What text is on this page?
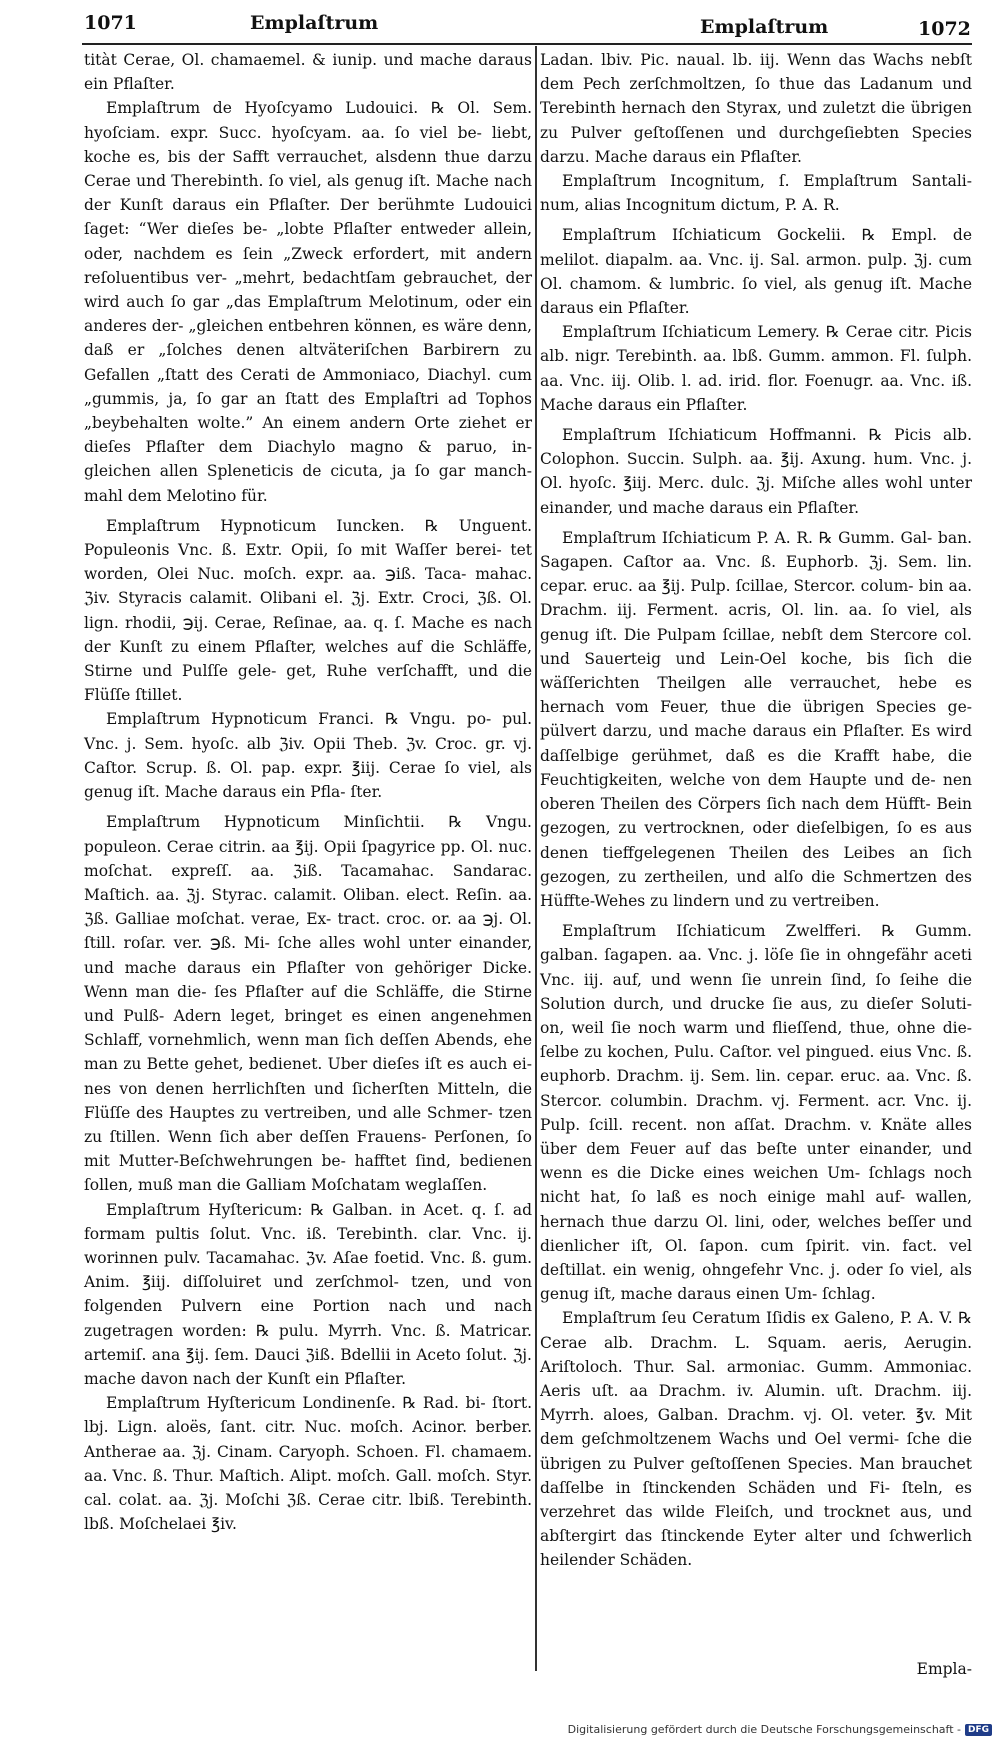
1071	Emplaſtrum	Emplaſtrum	1072

titàt Cerae, Ol. chamaemel. & iunip. und mache daraus ein Pflaſter.

Emplaſtrum de Hyoſcyamo Ludouici. ℞ Ol. Sem. hyoſciam. expr. Succ. hyoſcyam. aa. ſo viel be- liebt, koche es, bis der Safft verrauchet, alsdenn thue darzu Cerae und Therebinth. ſo viel, als genug iſt. Mache nach der Kunſt daraus ein Pflaſter. Der berühmte Ludouici ſaget: “Wer dieſes be- „lobte Pflaſter entweder allein, oder, nachdem es ſein „Zweck erfordert, mit andern reſoluentibus ver- „mehrt, bedachtſam gebrauchet, der wird auch ſo gar „das Emplaſtrum Melotinum, oder ein anderes der- „gleichen entbehren können, es wäre denn, daß er „ſolches denen altväteriſchen Barbirern zu Gefallen „ſtatt des Cerati de Ammoniaco, Diachyl. cum „gummis, ja, ſo gar an ſtatt des Emplaſtri ad Tophos „beybehalten wolte.” An einem andern Orte ziehet er dieſes Pflaſter dem Diachylo magno & paruo, in- gleichen allen Spleneticis de cicuta, ja ſo gar manch- mahl dem Melotino für.

Emplaſtrum Hypnoticum Iuncken. ℞ Unguent. Populeonis Vnc. ß. Extr. Opii, ſo mit Waſſer berei- tet worden, Olei Nuc. moſch. expr. aa. ℈iß. Taca- mahac. ℨiv. Styracis calamit. Olibani el. ℨj. Extr. Croci, ℨß. Ol. lign. rhodii, ℈ij. Cerae, Reſinae, aa. q. ſ. Mache es nach der Kunſt zu einem Pflaſter, welches auf die Schläffe, Stirne und Pulſſe gele- get, Ruhe verſchafft, und die Flüſſe ſtillet.

Emplaſtrum Hypnoticum Franci. ℞ Vngu. po- pul. Vnc. j. Sem. hyoſc. alb ℨiv. Opii Theb. ℨv. Croc. gr. vj. Caſtor. Scrup. ß. Ol. pap. expr. ℥iij. Cerae ſo viel, als genug iſt. Mache daraus ein Pfla- ſter.

Emplaſtrum Hypnoticum Minſichtii. ℞ Vngu. populeon. Cerae citrin. aa ℥ij. Opii ſpagyrice pp. Ol. nuc. moſchat. expreſſ. aa. ℨiß. Tacamahac. Sandarac. Maſtich. aa. ℨj. Styrac. calamit. Oliban. elect. Reſin. aa. ℨß. Galliae moſchat. verae, Ex- tract. croc. or. aa ℈j. Ol. ſtill. roſar. ver. ℈ß. Mi- ſche alles wohl unter einander, und mache daraus ein Pflaſter von gehöriger Dicke. Wenn man die- ſes Pflaſter auf die Schläffe, die Stirne und Pulß- Adern leget, bringet es einen angenehmen Schlaff, vornehmlich, wenn man ſich deſſen Abends, ehe man zu Bette gehet, bedienet. Uber dieſes iſt es auch ei- nes von denen herrlichſten und ſicherſten Mitteln, die Flüſſe des Hauptes zu vertreiben, und alle Schmer- tzen zu ſtillen. Wenn ſich aber deſſen Frauens- Perſonen, ſo mit Mutter-Beſchwehrungen be- hafftet ſind, bedienen ſollen, muß man die Galliam Moſchatam weglaſſen.

Emplaſtrum Hyſtericum: ℞ Galban. in Acet. q. ſ. ad formam pultis ſolut. Vnc. iß. Terebinth. clar. Vnc. ij. worinnen pulv. Tacamahac. ℨv. Aſae foetid. Vnc. ß. gum. Anim. ℥iij. diſſoluiret und zerſchmol- tzen, und von folgenden Pulvern eine Portion nach und nach zugetragen worden: ℞ pulu. Myrrh. Vnc. ß. Matricar. artemiſ. ana ℥ij. ſem. Dauci ℨiß. Bdellii in Aceto ſolut. ℨj. mache davon nach der Kunſt ein Pflaſter.

Emplaſtrum Hyſtericum Londinenſe. ℞ Rad. bi- ſtort. lbj. Lign. aloës, ſant. citr. Nuc. moſch. Acinor. berber. Antherae aa. ℨj. Cinam. Caryoph. Schoen. Fl. chamaem. aa. Vnc. ß. Thur. Maſtich. Alipt. moſch. Gall. moſch. Styr. cal. colat. aa. ℨj. Moſchi ℨß. Cerae citr. lbiß. Terebinth. lbß. Moſchelaei ℥iv.

Ladan. lbiv. Pic. naual. lb. iij. Wenn das Wachs nebſt dem Pech zerſchmoltzen, ſo thue das Ladanum und Terebinth hernach den Styrax, und zuletzt die übrigen zu Pulver geſtoſſenen und durchgeſiebten Species darzu. Mache daraus ein Pflaſter.

Emplaſtrum Incognitum, ſ. Emplaſtrum Santali- num, alias Incognitum dictum, P. A. R.

Emplaſtrum Iſchiaticum Gockelii. ℞ Empl. de melilot. diapalm. aa. Vnc. ij. Sal. armon. pulp. ℨj. cum Ol. chamom. & lumbric. ſo viel, als genug iſt. Mache daraus ein Pflaſter.

Emplaſtrum Iſchiaticum Lemery. ℞ Cerae citr. Picis alb. nigr. Terebinth. aa. lbß. Gumm. ammon. Fl. ſulph. aa. Vnc. iij. Olib. l. ad. irid. flor. Foenugr. aa. Vnc. iß. Mache daraus ein Pflaſter.

Emplaſtrum Iſchiaticum Hoffmanni. ℞ Picis alb. Colophon. Succin. Sulph. aa. ℥ij. Axung. hum. Vnc. j. Ol. hyoſc. ℥iij. Merc. dulc. ℨj. Miſche alles wohl unter einander, und mache daraus ein Pflaſter.

Emplaſtrum Iſchiaticum P. A. R. ℞ Gumm. Gal- ban. Sagapen. Caſtor aa. Vnc. ß. Euphorb. ℨj. Sem. lin. cepar. eruc. aa ℥ij. Pulp. ſcillae, Stercor. colum- bin aa. Drachm. iij. Ferment. acris, Ol. lin. aa. ſo viel, als genug iſt. Die Pulpam ſcillae, nebſt dem Stercore col. und Sauerteig und Lein-Oel koche, bis ſich die wäſſerichten Theilgen alle verrauchet, hebe es hernach vom Feuer, thue die übrigen Species ge- pülvert darzu, und mache daraus ein Pflaſter. Es wird daſſelbige gerühmet, daß es die Krafft habe, die Feuchtigkeiten, welche von dem Haupte und de- nen oberen Theilen des Cörpers ſich nach dem Hüfft- Bein gezogen, zu vertrocknen, oder dieſelbigen, ſo es aus denen tieffgelegenen Theilen des Leibes an ſich gezogen, zu zertheilen, und alſo die Schmertzen des Hüffte-Wehes zu lindern und zu vertreiben.

Emplaſtrum Iſchiaticum Zwelfferi. ℞ Gumm. galban. ſagapen. aa. Vnc. j. löſe ſie in ohngefähr aceti Vnc. iij. auf, und wenn ſie unrein ſind, ſo ſeihe die Solution durch, und drucke ſie aus, zu dieſer Soluti- on, weil ſie noch warm und flieſſend, thue, ohne die- ſelbe zu kochen, Pulu. Caſtor. vel pingued. eius Vnc. ß. euphorb. Drachm. ij. Sem. lin. cepar. eruc. aa. Vnc. ß. Stercor. columbin. Drachm. vj. Ferment. acr. Vnc. ij. Pulp. ſcill. recent. non aſſat. Drachm. v. Knäte alles über dem Feuer auf das beſte unter einander, und wenn es die Dicke eines weichen Um- ſchlags noch nicht hat, ſo laß es noch einige mahl auf- wallen, hernach thue darzu Ol. lini, oder, welches beſſer und dienlicher iſt, Ol. ſapon. cum ſpirit. vin. fact. vel deſtillat. ein wenig, ohngefehr Vnc. j. oder ſo viel, als genug iſt, mache daraus einen Um- ſchlag.

Emplaſtrum ſeu Ceratum Iſidis ex Galeno, P. A. V. ℞ Cerae alb. Drachm. L. Squam. aeris, Aerugin. Ariſtoloch. Thur. Sal. armoniac. Gumm. Ammoniac. Aeris uſt. aa Drachm. iv. Alumin. uſt. Drachm. iij. Myrrh. aloes, Galban. Drachm. vj. Ol. veter. ℥v. Mit dem geſchmoltzenem Wachs und Oel vermi- ſche die übrigen zu Pulver geſtoſſenen Species. Man brauchet daſſelbe in ſtinckenden Schäden und Fi- ſteln, es verzehret das wilde Fleiſch, und trocknet aus, und abſtergirt das ſtinckende Eyter alter und ſchwerlich heilender Schäden.

Empla-
Digitalisierung gefördert durch die Deutsche Forschungsgemeinschaft - DFG
